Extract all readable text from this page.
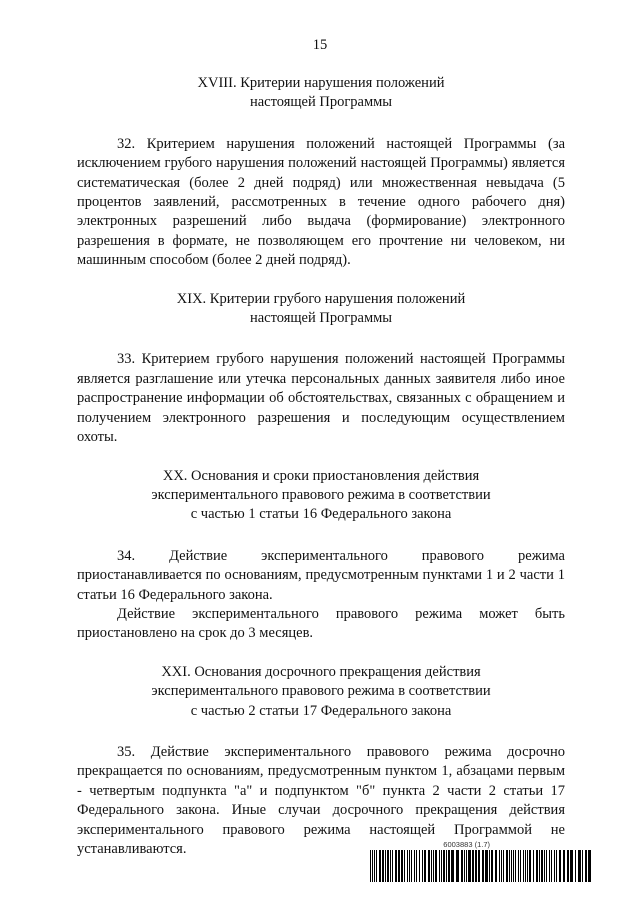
15

XVIII. Критерии нарушения положений

настоящей Программы

32. Критерием нарушения положений настоящей Программы (за исключением грубого нарушения положений настоящей Программы) является систематическая (более 2 дней подряд) или множественная невыдача (5 процентов заявлений, рассмотренных в течение одного рабочего дня) электронных разрешений либо выдача (формирование) электронного разрешения в формате, не позволяющем его прочтение ни человеком, ни машинным способом (более 2 дней подряд).

XIX. Критерии грубого нарушения положений

настоящей Программы

33. Критерием грубого нарушения положений настоящей Программы является разглашение или утечка персональных данных заявителя либо иное распространение информации об обстоятельствах, связанных с обращением и получением электронного разрешения и последующим осуществлением охоты.

XX. Основания и сроки приостановления действия

экспериментального правового режима в соответствии

с частью 1 статьи 16 Федерального закона

34. Действие экспериментального правового режима приостанавливается по основаниям, предусмотренным пунктами 1 и 2 части 1 статьи 16 Федерального закона.

Действие экспериментального правового режима может быть приостановлено на срок до 3 месяцев.

XXI. Основания досрочного прекращения действия

экспериментального правового режима в соответствии

с частью 2 статьи 17 Федерального закона

35. Действие экспериментального правового режима досрочно прекращается по основаниям, предусмотренным пунктом 1, абзацами первым - четвертым подпункта "а" и подпунктом "б" пункта 2 части 2 статьи 17 Федерального закона. Иные случаи досрочного прекращения действия экспериментального правового режима настоящей Программой не устанавливаются.	6003883 (1.7)
